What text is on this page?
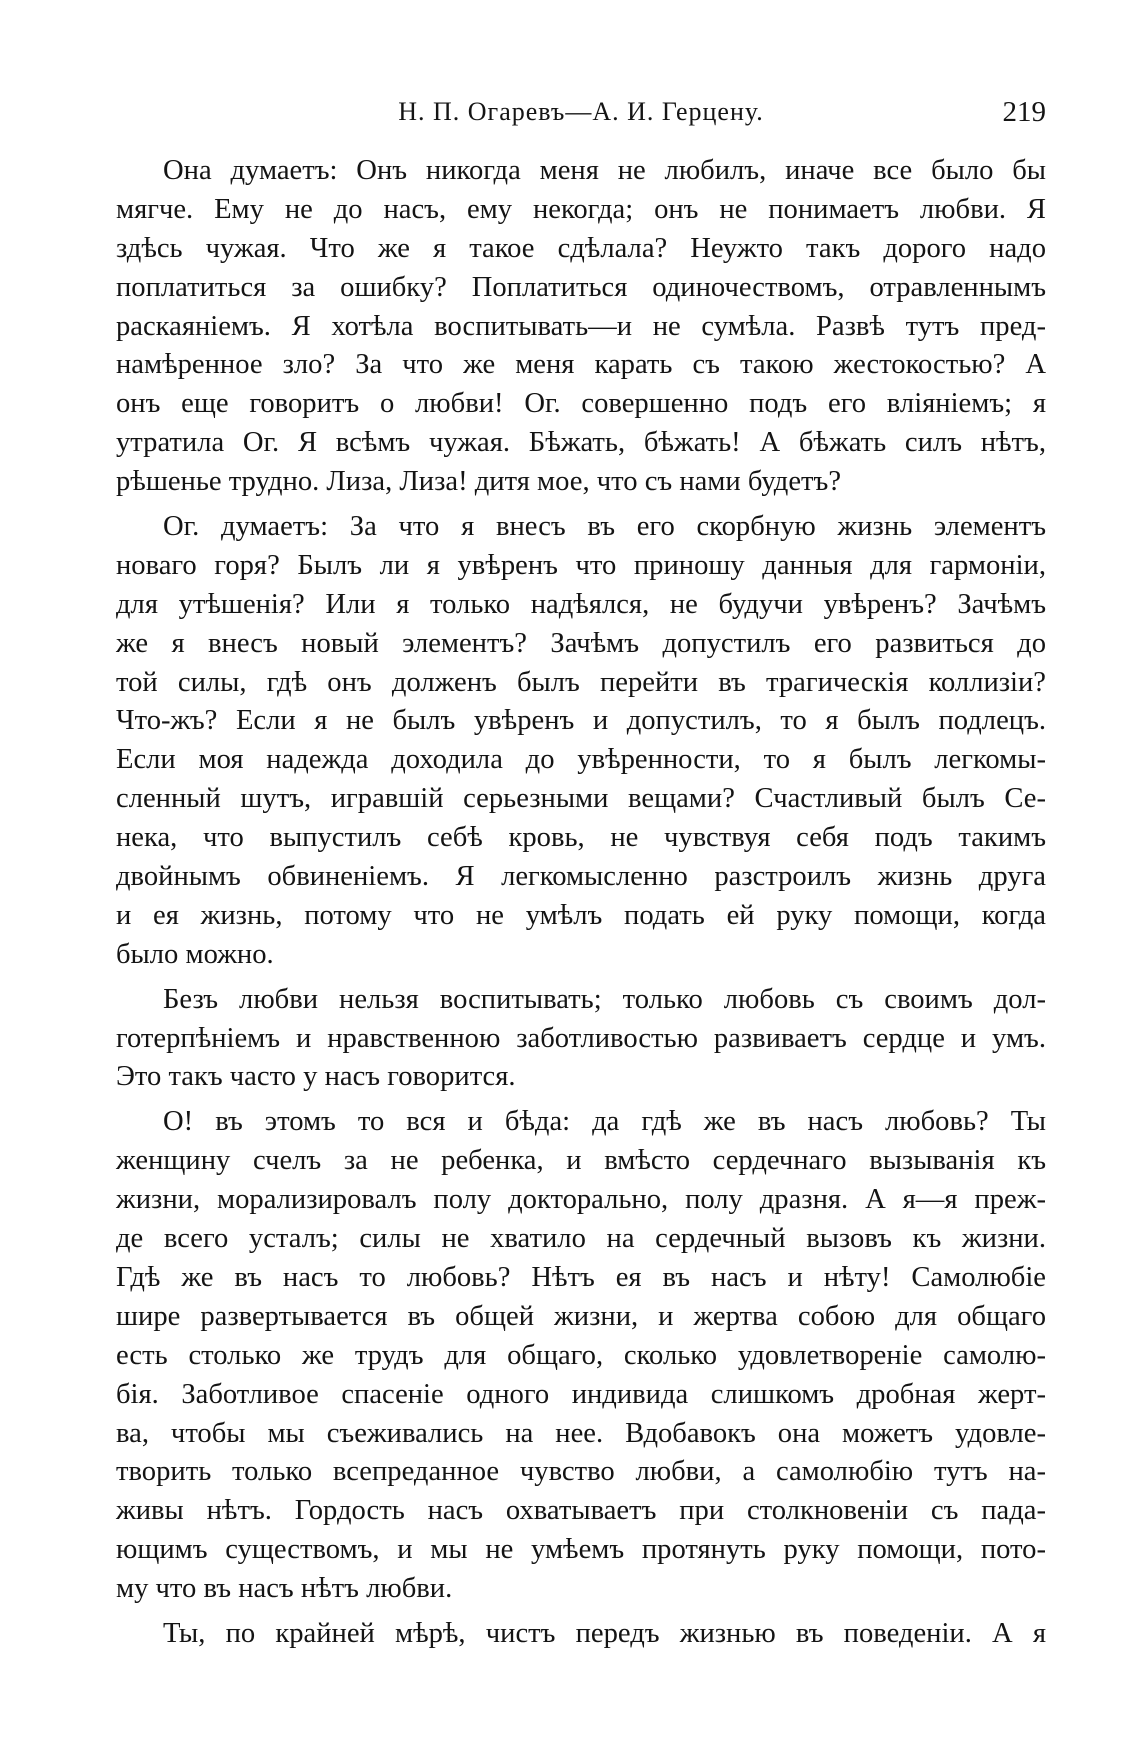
Н. П. Огаревъ—А. И. Герцену.	219
Она думаетъ: Онъ никогда меня не любилъ, иначе все было бы
мягче. Ему не до насъ, ему некогда; онъ не понимаетъ любви. Я
здѣсь чужая. Что же я такое сдѣлала? Неужто такъ дорого надо
поплатиться за ошибку? Поплатиться одиночествомъ, отравленнымъ
раскаяніемъ. Я хотѣла воспитывать—и не сумѣла. Развѣ тутъ пред-
намѣренное зло? За что же меня карать съ такою жестокостью? А
онъ еще говоритъ о любви! Ог. совершенно подъ его вліяніемъ; я
утратила Ог. Я всѣмъ чужая. Бѣжать, бѣжать! А бѣжать силъ нѣтъ,
рѣшенье трудно. Лиза, Лиза! дитя мое, что съ нами будетъ?
Ог. думаетъ: За что я внесъ въ его скорбную жизнь элементъ
новаго горя? Былъ ли я увѣренъ что приношу данныя для гармоніи,
для утѣшенія? Или я только надѣялся, не будучи увѣренъ? Зачѣмъ
же я внесъ новый элементъ? Зачѣмъ допустилъ его развиться до
той силы, гдѣ онъ долженъ былъ перейти въ трагическія коллизіи?
Что-жъ? Если я не былъ увѣренъ и допустилъ, то я былъ подлецъ.
Если моя надежда доходила до увѣренности, то я былъ легкомы-
сленный шутъ, игравшій серьезными вещами? Счастливый былъ Се-
нека, что выпустилъ себѣ кровь, не чувствуя себя подъ такимъ
двойнымъ обвиненіемъ. Я легкомысленно разстроилъ жизнь друга
и ея жизнь, потому что не умѣлъ подать ей руку помощи, когда
было можно.
Безъ любви нельзя воспитывать; только любовь съ своимъ дол-
готерпѣніемъ и нравственною заботливостью развиваетъ сердце и умъ.
Это такъ часто у насъ говорится.
О! въ этомъ то вся и бѣда: да гдѣ же въ насъ любовь? Ты
женщину счелъ за не ребенка, и вмѣсто сердечнаго вызыванія къ
жизни, морализировалъ полу докторально, полу дразня. А я—я преж-
де всего усталъ; силы не хватило на сердечный вызовъ къ жизни.
Гдѣ же въ насъ то любовь? Нѣтъ ея въ насъ и нѣту! Самолюбіе
шире развертывается въ общей жизни, и жертва собою для общаго
есть столько же трудъ для общаго, сколько удовлетвореніе самолю-
бія. Заботливое спасеніе одного индивида слишкомъ дробная жерт-
ва, чтобы мы съеживались на нее. Вдобавокъ она можетъ удовле-
творить только всепреданное чувство любви, а самолюбію тутъ на-
живы нѣтъ. Гордость насъ охватываетъ при столкновеніи съ пада-
ющимъ существомъ, и мы не умѣемъ протянуть руку помощи, пото-
му что въ насъ нѣтъ любви.
Ты, по крайней мѣрѣ, чистъ передъ жизнью въ поведеніи. А я
